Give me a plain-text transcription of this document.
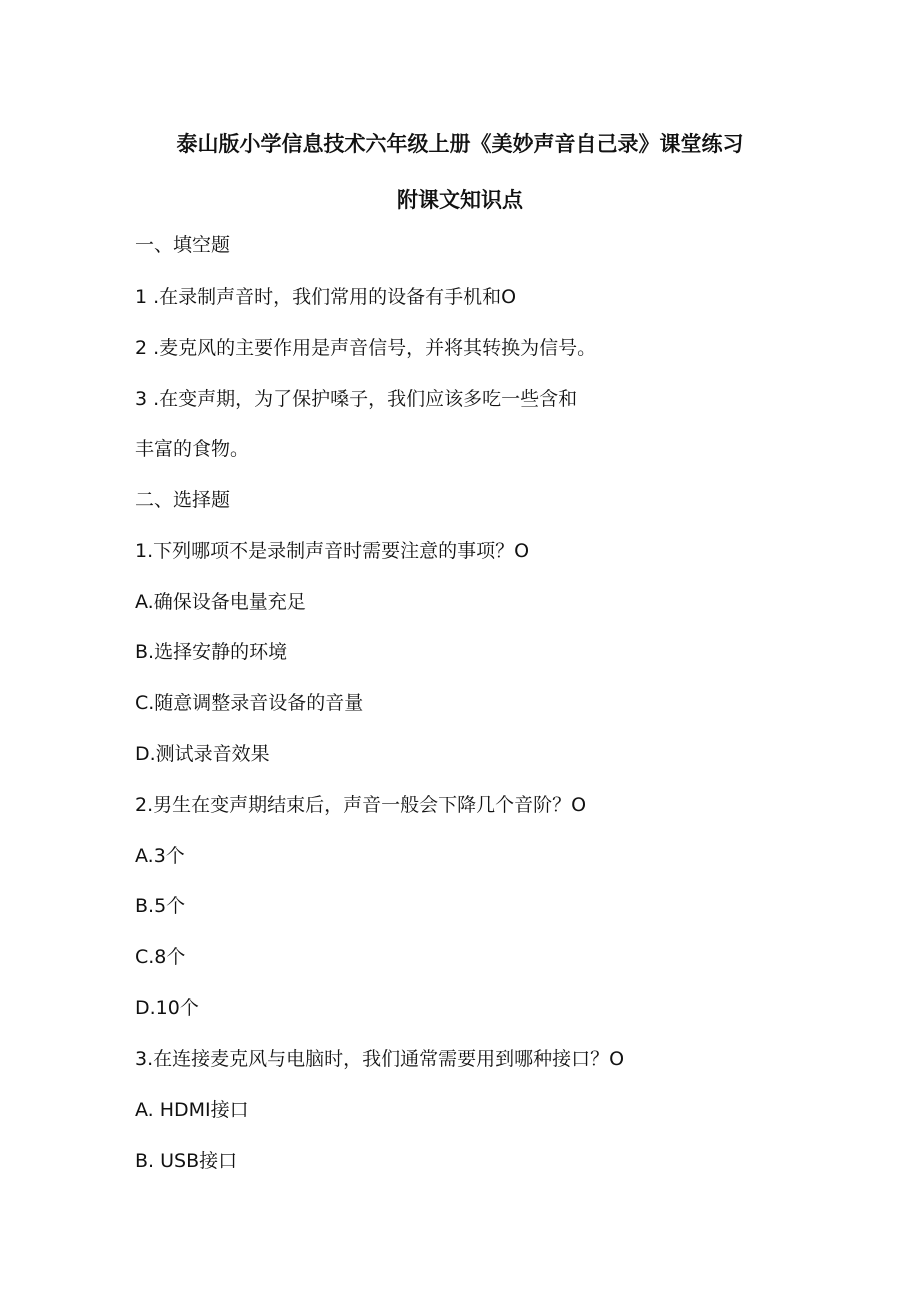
泰山版小学信息技术六年级上册《美妙声音自己录》课堂练习
附课文知识点
一、填空题
1 .在录制声音时，我们常用的设备有手机和O
2 .麦克风的主要作用是声音信号，并将其转换为信号。
3 .在变声期，为了保护嗓子，我们应该多吃一些含和
丰富的食物。
二、选择题
1.下列哪项不是录制声音时需要注意的事项？O
A.确保设备电量充足
B.选择安静的环境
C.随意调整录音设备的音量
D.测试录音效果
2.男生在变声期结束后，声音一般会下降几个音阶？O
A.3个
B.5个
C.8个
D.10个
3.在连接麦克风与电脑时，我们通常需要用到哪种接口？O
A. HDMI接口
B. USB接口
